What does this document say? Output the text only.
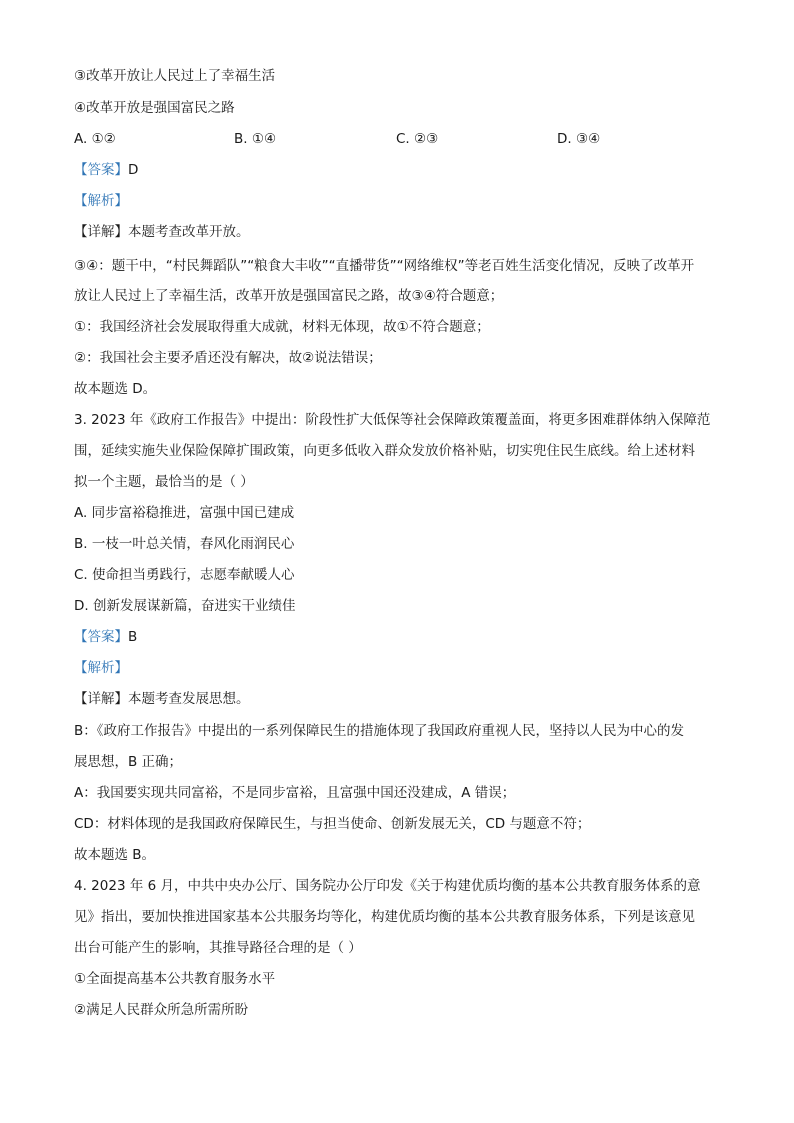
③改革开放让人民过上了幸福生活
④改革开放是强国富民之路
A. ①②	B. ①④	C. ②③	D. ③④
【答案】D
【解析】
【详解】本题考查改革开放。
③④：题干中，“村民舞蹈队”“粮食大丰收”“直播带货”“网络维权”等老百姓生活变化情况，反映了改革开
放让人民过上了幸福生活，改革开放是强国富民之路，故③④符合题意；
①：我国经济社会发展取得重大成就，材料无体现，故①不符合题意；
②：我国社会主要矛盾还没有解决，故②说法错误；
故本题选 D。
3. 2023 年《政府工作报告》中提出：阶段性扩大低保等社会保障政策覆盖面，将更多困难群体纳入保障范
围，延续实施失业保险保障扩围政策，向更多低收入群众发放价格补贴，切实兜住民生底线。给上述材料
拟一个主题，最恰当的是（ ）
A. 同步富裕稳推进，富强中国已建成
B. 一枝一叶总关情，春风化雨润民心
C. 使命担当勇践行，志愿奉献暖人心
D. 创新发展谋新篇，奋进实干业绩佳
【答案】B
【解析】
【详解】本题考查发展思想。
B：《政府工作报告》中提出的一系列保障民生的措施体现了我国政府重视人民，坚持以人民为中心的发
展思想，B 正确；
A：我国要实现共同富裕，不是同步富裕，且富强中国还没建成，A 错误；
CD：材料体现的是我国政府保障民生，与担当使命、创新发展无关，CD 与题意不符；
故本题选 B。
4. 2023 年 6 月，中共中央办公厅、国务院办公厅印发《关于构建优质均衡的基本公共教育服务体系的意
见》指出，要加快推进国家基本公共服务均等化，构建优质均衡的基本公共教育服务体系，下列是该意见
出台可能产生的影响，其推导路径合理的是（ ）
①全面提高基本公共教育服务水平
②满足人民群众所急所需所盼
